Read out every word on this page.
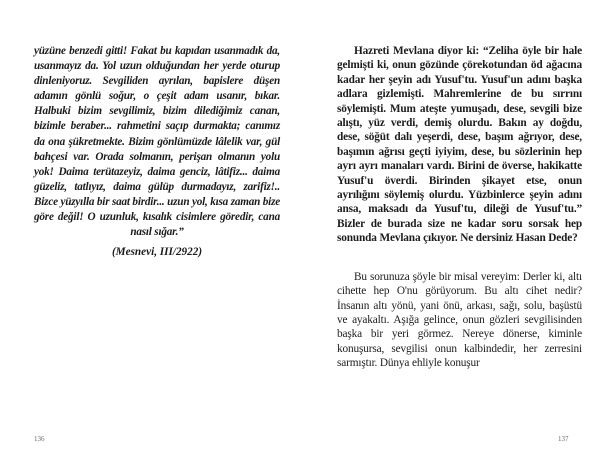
yüzüne benzedi gitti! Fakat bu kapıdan usanmadık da, usanmayız da. Yol uzun olduğundan her yerde oturup dinleniyoruz. Sevgiliden ayrılan, bapislere düşen adamın gönlü soğur, o çeşit adam usanır, bıkar. Halbuki bizim sevgilimiz, bizim dilediğimiz canan, bizimle beraber... rahmetini saçıp durmakta; canımız da ona şükretmekte. Bizim gönlümüzde lâlelik var, gül bahçesi var. Orada solmanın, perişan olmanın yolu yok! Daima terütazeyiz, daima genciz, lâtifiz... daima güzeliz, tatlıyız, daima gülüp durmadayız, zarifiz!.. Bizce yüzyılla bir saat birdir... uzun yol, kısa zaman bize göre değil! O uzunluk, kısalık cisimlere göredir, cana nasıl sığar.”

(Mesnevi, III/2922)

136

Hazreti Mevlana diyor ki: “Zeliha öyle bir hale gelmişti ki, onun gözünde çörekotundan öd ağacına kadar her şeyin adı Yusuf'tu. Yusuf'un adını başka adlara gizlemişti. Mahremlerine de bu sırrını söylemişti. Mum ateşte yumuşadı, dese, sevgili bize alıştı, yüz verdi, demiş olurdu. Bakın ay doğdu, dese, söğüt dalı yeşerdi, dese, başım ağrıyor, dese, başımın ağrısı geçti iyiyim, dese, bu sözlerinin hep ayrı ayrı manaları vardı. Birini de överse, hakikatte Yusuf'u överdi. Birinden şikayet etse, onun ayrılığını söylemiş olurdu. Yüzbinlerce şeyin adını ansa, maksadı da Yusuf'tu, dileği de Yusuf'tu.” Bizler de burada size ne kadar soru sorsak hep sonunda Mevlana çıkıyor. Ne dersiniz Hasan Dede?

Bu sorunuza şöyle bir misal vereyim: Derler ki, altı cihette hep O'nu görüyorum. Bu altı cihet nedir? İnsanın altı yönü, yani önü, arkası, sağı, solu, başüstü ve ayakaltı. Aşığa gelince, onun gözleri sevgilisinden başka bir yeri görmez. Nereye dönerse, kiminle konuşursa, sevgilisi onun kalbindedir, her zerresini sarmıştır. Dünya ehliyle konuşur

137
